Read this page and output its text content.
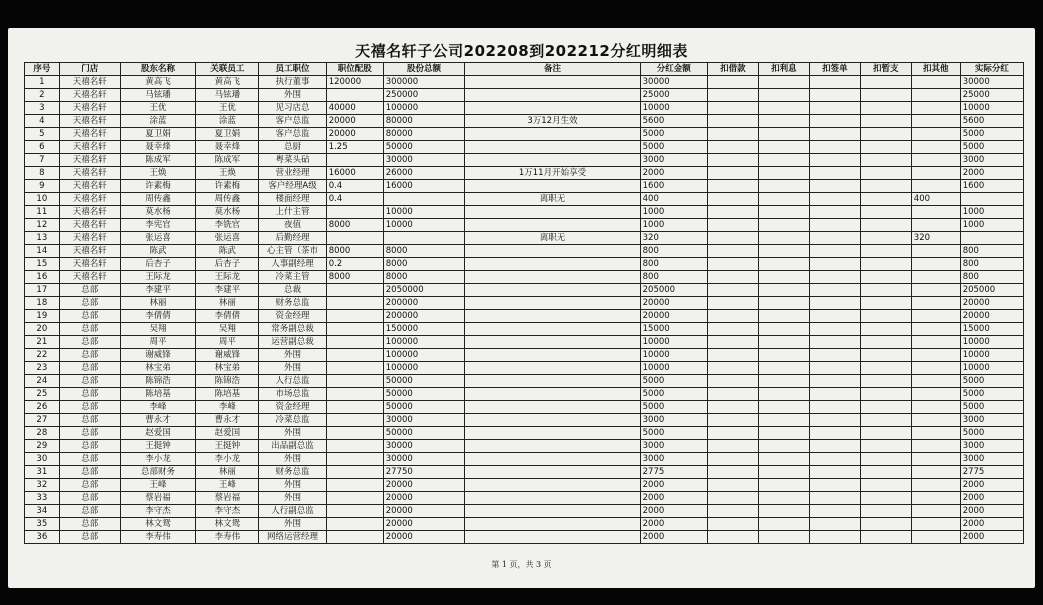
天禧名轩子公司202208到202212分红明细表
序号	门店	股东名称	关联员工	员工职位	职位配股	股份总额	备注	分红金额	扣借款	扣利息	扣签单	扣暂支	扣其他	实际分红
1	天禧名轩	黄高飞	黄高飞	执行董事	120000	300000		30000						30000
2	天禧名轩	马铉璠	马铉璠	外围		250000		25000						25000
3	天禧名轩	王优	王优	见习店总	40000	100000		10000						10000
4	天禧名轩	涂蓝	涂蓝	客户总监	20000	80000	3万12月生效	5600						5600
5	天禧名轩	夏卫娟	夏卫娟	客户总监	20000	80000		5000						5000
6	天禧名轩	聂幸烽	聂幸烽	总厨	1.25	50000		5000						5000
7	天禧名轩	陈成军	陈成军	粤菜头砧		30000		3000						3000
8	天禧名轩	王焕	王焕	营业经理	16000	26000	1万11月开始享受	2000						2000
9	天禧名轩	许素梅	许素梅	客户经理A级	0.4	16000		1600						1600
10	天禧名轩	周传鑫	周传鑫	楼面经理	0.4		离职无	400					400	
11	天禧名轩	莫水杨	莫水杨	上什主管		10000		1000						1000
12	天禧名轩	李宪官	李铣官	夜值	8000	10000		1000						1000
13	天禧名轩	张运喜	张运喜	后勤经理			离职无	320					320	
14	天禧名轩	陈武	陈武	心主管（茶市	8000	8000		800						800
15	天禧名轩	后杏子	后杏子	人事副经理	0.2	8000		800						800
16	天禧名轩	王际龙	王际龙	冷菜主管	8000	8000		800						800
17	总部	李建平	李建平	总裁		2050000		205000						205000
18	总部	林丽	林丽	财务总监		200000		20000						20000
19	总部	李倩倩	李倩倩	资金经理		200000		20000						20000
20	总部	吴翔	吴翔	常务副总裁		150000		15000						15000
21	总部	周平	周平	运营副总裁		100000		10000						10000
22	总部	谢威锋	谢威锋	外围		100000		10000						10000
23	总部	林宝弟	林宝弟	外围		100000		10000						10000
24	总部	陈锦浩	陈锦浩	人行总监		50000		5000						5000
25	总部	陈培基	陈培基	市场总监		50000		5000						5000
26	总部	李峰	李峰	资金经理		50000		5000						5000
27	总部	曹永才	曹永才	冷菜总监		30000		3000						3000
28	总部	赵爱国	赵爱国	外围		50000		5000						5000
29	总部	王挺钟	王挺钟	出品副总监		30000		3000						3000
30	总部	李小龙	李小龙	外围		30000		3000						3000
31	总部	总部财务	林丽	财务总监		27750		2775						2775
32	总部	王峰	王峰	外围		20000		2000						2000
33	总部	蔡岩福	蔡岩福	外围		20000		2000						2000
34	总部	李守杰	李守杰	人行副总监		20000		2000						2000
35	总部	林文鸳	林文鸳	外围		20000		2000						2000
36	总部	李寿伟	李寿伟	网络运营经理		20000		2000						2000
第 1 页，共 3 页
